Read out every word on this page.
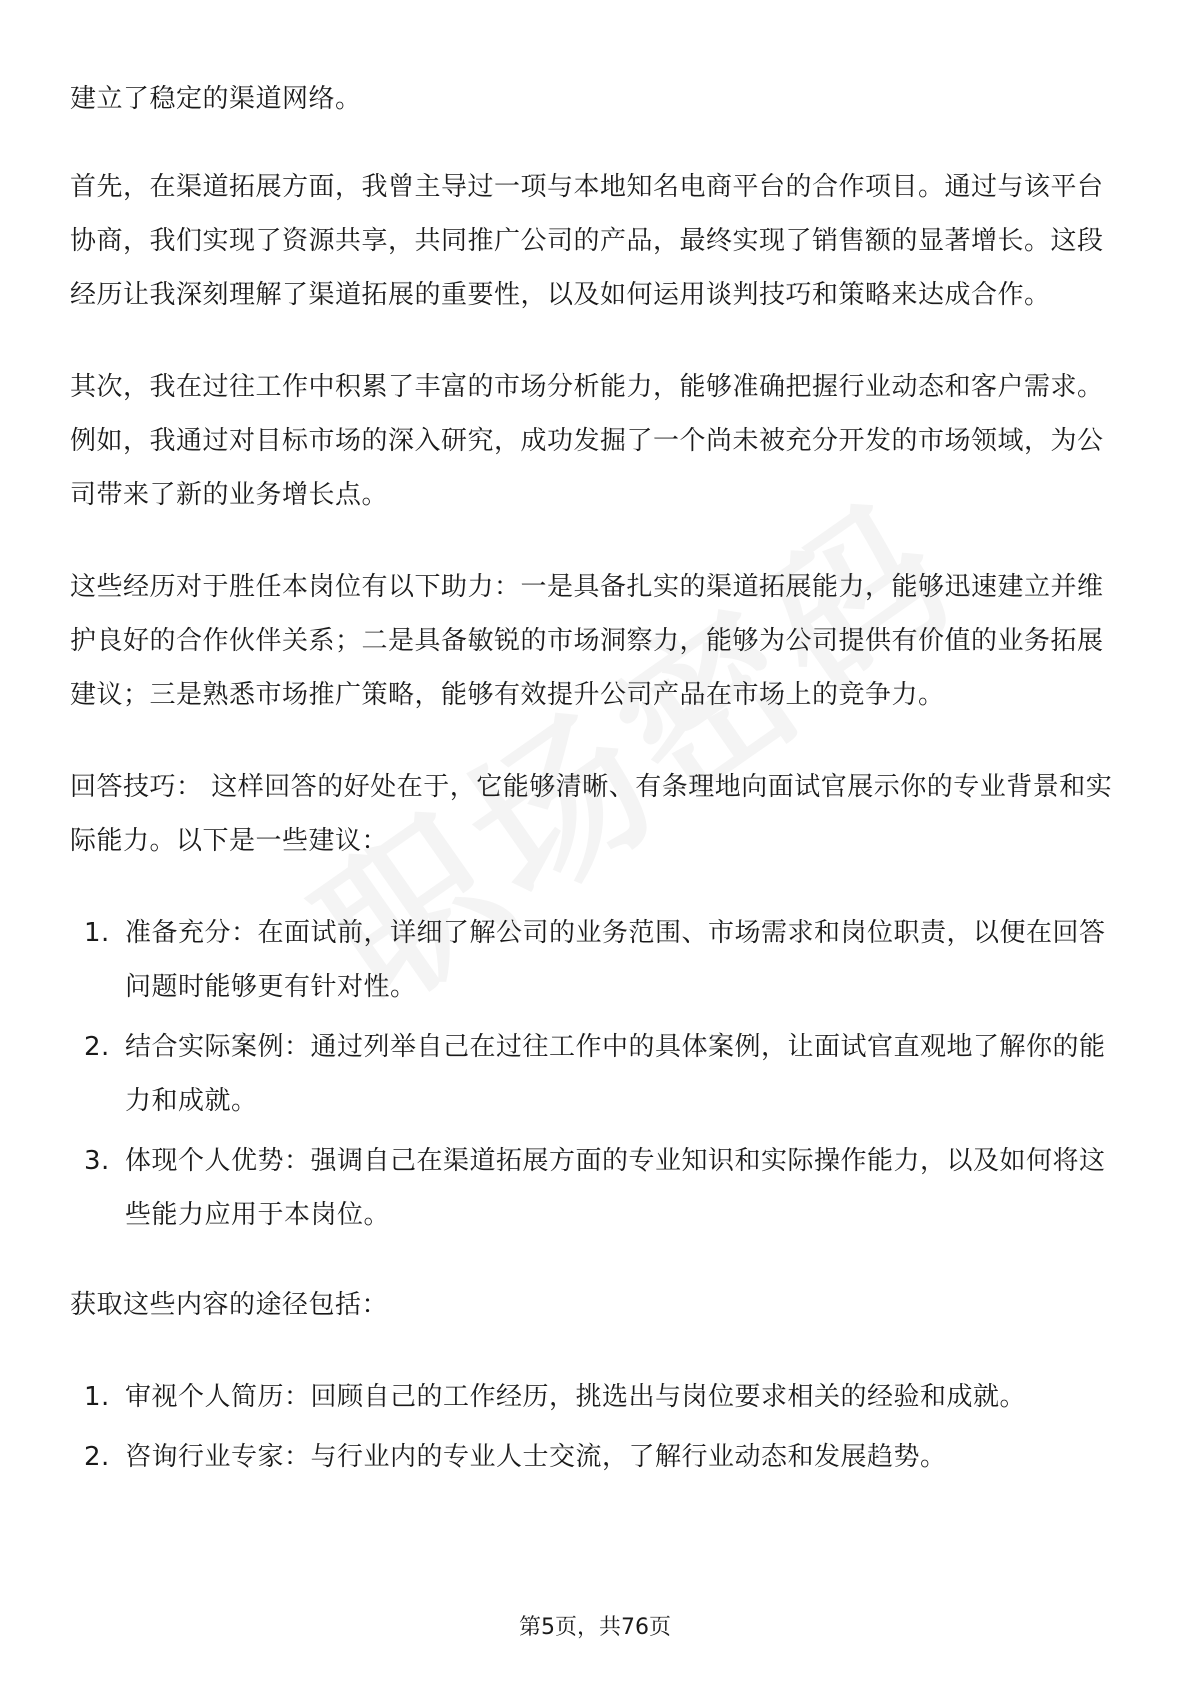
建立了稳定的渠道网络。

首先，在渠道拓展方面，我曾主导过一项与本地知名电商平台的合作项目。通过与该平台协商，我们实现了资源共享，共同推广公司的产品，最终实现了销售额的显著增长。这段经历让我深刻理解了渠道拓展的重要性，以及如何运用谈判技巧和策略来达成合作。

其次，我在过往工作中积累了丰富的市场分析能力，能够准确把握行业动态和客户需求。例如，我通过对目标市场的深入研究，成功发掘了一个尚未被充分开发的市场领域，为公司带来了新的业务增长点。

这些经历对于胜任本岗位有以下助力：一是具备扎实的渠道拓展能力，能够迅速建立并维护良好的合作伙伴关系；二是具备敏锐的市场洞察力，能够为公司提供有价值的业务拓展建议；三是熟悉市场推广策略，能够有效提升公司产品在市场上的竞争力。

回答技巧： 这样回答的好处在于，它能够清晰、有条理地向面试官展示你的专业背景和实际能力。以下是一些建议：

1. 准备充分：在面试前，详细了解公司的业务范围、市场需求和岗位职责，以便在回答问题时能够更有针对性。
2. 结合实际案例：通过列举自己在过往工作中的具体案例，让面试官直观地了解你的能力和成就。
3. 体现个人优势：强调自己在渠道拓展方面的专业知识和实际操作能力，以及如何将这些能力应用于本岗位。

获取这些内容的途径包括：

1. 审视个人简历：回顾自己的工作经历，挑选出与岗位要求相关的经验和成就。
2. 咨询行业专家：与行业内的专业人士交流，了解行业动态和发展趋势。
第5页，共76页
